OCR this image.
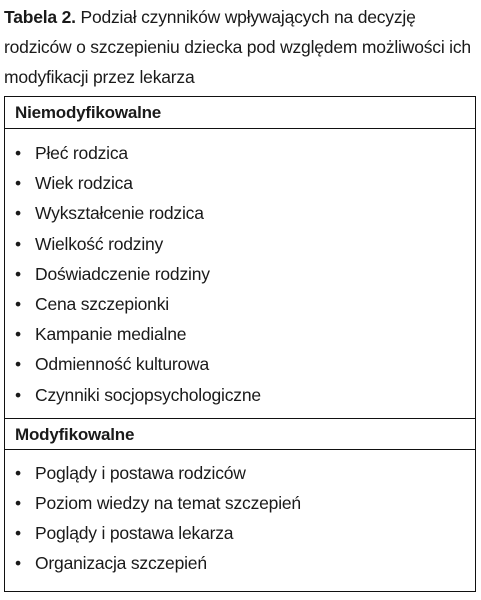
Tabela 2. Podział czynników wpływających na decyzję rodziców o szczepieniu dziecka pod względem możliwości ich modyfikacji przez lekarza
Niemodyfikowalne
• Płeć rodzica
• Wiek rodzica
• Wykształcenie rodzica
• Wielkość rodziny
• Doświadczenie rodziny
• Cena szczepionki
• Kampanie medialne
• Odmienność kulturowa
• Czynniki socjopsychologiczne
Modyfikowalne
• Poglądy i postawa rodziców
• Poziom wiedzy na temat szczepień
• Poglądy i postawa lekarza
• Organizacja szczepień
